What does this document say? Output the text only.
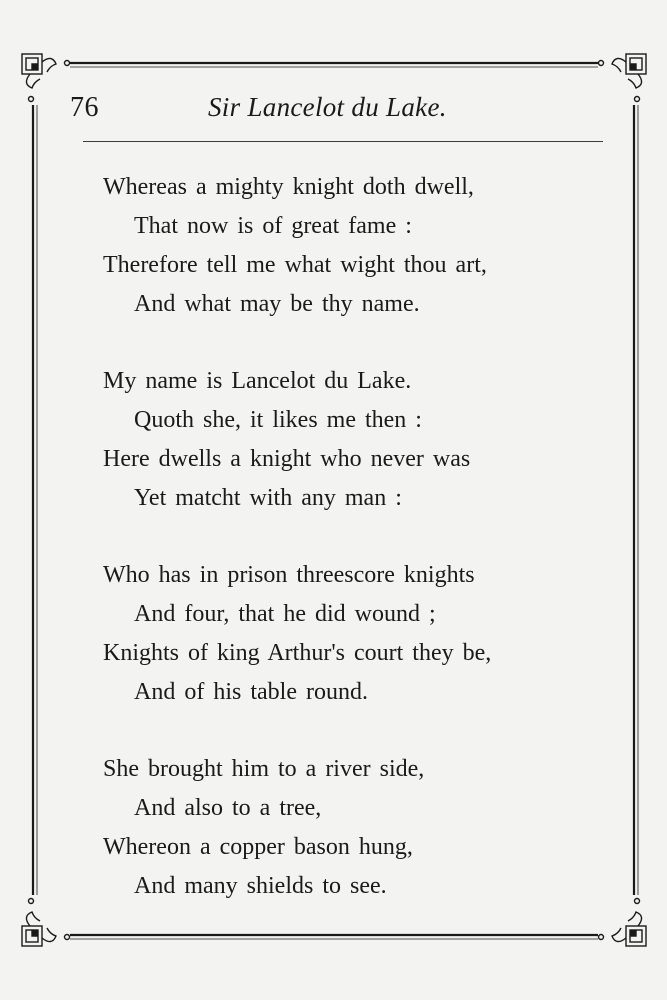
76	Sir Lancelot du Lake.
Whereas a mighty knight doth dwell,
That now is of great fame :
Therefore tell me what wight thou art,
And what may be thy name.
My name is Lancelot du Lake.
Quoth she, it likes me then :
Here dwells a knight who never was
Yet matcht with any man :
Who has in prison threescore knights
And four, that he did wound ;
Knights of king Arthur's court they be,
And of his table round.
She brought him to a river side,
And also to a tree,
Whereon a copper bason hung,
And many shields to see.
